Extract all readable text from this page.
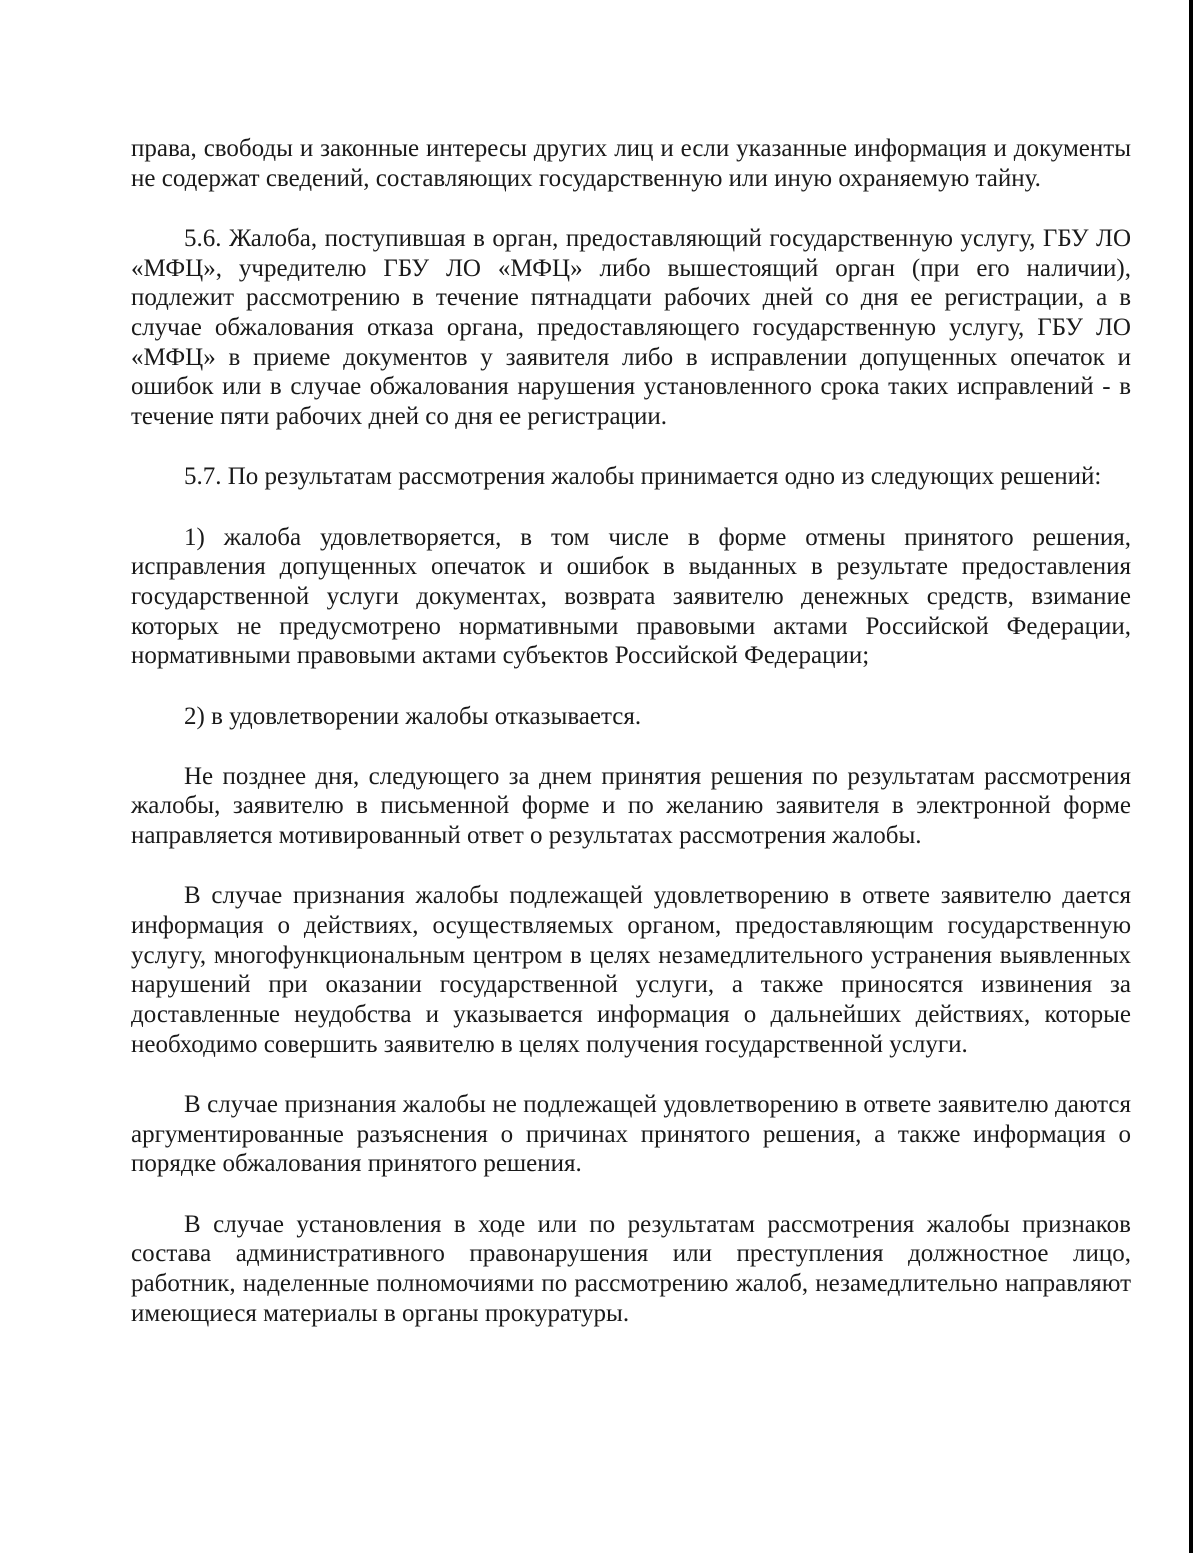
права, свободы и законные интересы других лиц и если указанные информация и документы не содержат сведений, составляющих государственную или иную охраняемую тайну.

5.6. Жалоба, поступившая в орган, предоставляющий государственную услугу, ГБУ ЛО «МФЦ», учредителю ГБУ ЛО «МФЦ» либо вышестоящий орган (при его наличии), подлежит рассмотрению в течение пятнадцати рабочих дней со дня ее регистрации, а в случае обжалования отказа органа, предоставляющего государственную услугу, ГБУ ЛО «МФЦ» в приеме документов у заявителя либо в исправлении допущенных опечаток и ошибок или в случае обжалования нарушения установленного срока таких исправлений - в течение пяти рабочих дней со дня ее регистрации.

5.7. По результатам рассмотрения жалобы принимается одно из следующих решений:

1) жалоба удовлетворяется, в том числе в форме отмены принятого решения, исправления допущенных опечаток и ошибок в выданных в результате предоставления государственной услуги документах, возврата заявителю денежных средств, взимание которых не предусмотрено нормативными правовыми актами Российской Федерации, нормативными правовыми актами субъектов Российской Федерации;

2) в удовлетворении жалобы отказывается.

Не позднее дня, следующего за днем принятия решения по результатам рассмотрения жалобы, заявителю в письменной форме и по желанию заявителя в электронной форме направляется мотивированный ответ о результатах рассмотрения жалобы.

В случае признания жалобы подлежащей удовлетворению в ответе заявителю дается информация о действиях, осуществляемых органом, предоставляющим государственную услугу, многофункциональным центром в целях незамедлительного устранения выявленных нарушений при оказании государственной услуги, а также приносятся извинения за доставленные неудобства и указывается информация о дальнейших действиях, которые необходимо совершить заявителю в целях получения государственной услуги.

В случае признания жалобы не подлежащей удовлетворению в ответе заявителю даются аргументированные разъяснения о причинах принятого решения, а также информация о порядке обжалования принятого решения.

В случае установления в ходе или по результатам рассмотрения жалобы признаков состава административного правонарушения или преступления должностное лицо, работник, наделенные полномочиями по рассмотрению жалоб, незамедлительно направляют имеющиеся материалы в органы прокуратуры.
